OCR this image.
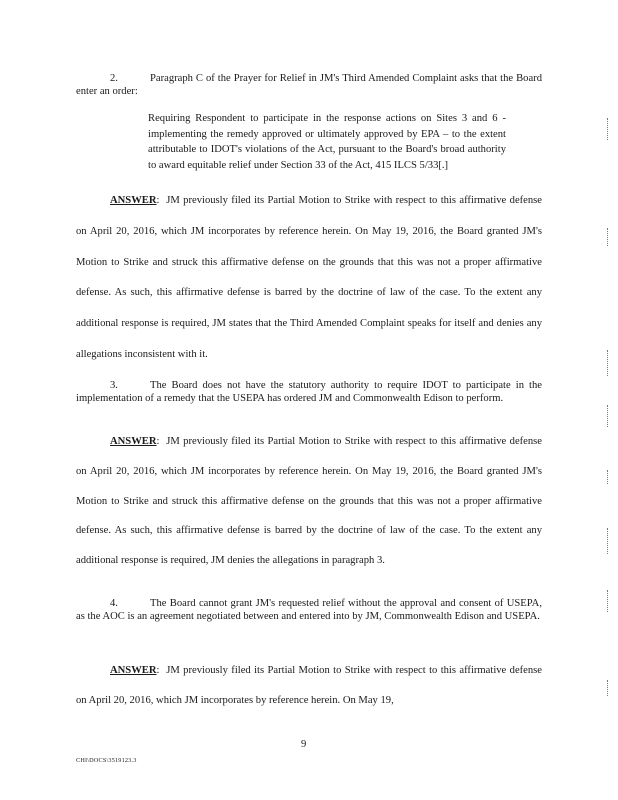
2.	Paragraph C of the Prayer for Relief in JM's Third Amended Complaint asks that the Board enter an order:
Requiring Respondent to participate in the response actions on Sites 3 and 6 - implementing the remedy approved or ultimately approved by EPA – to the extent attributable to IDOT's violations of the Act, pursuant to the Board's broad authority to award equitable relief under Section 33 of the Act, 415 ILCS 5/33[.]
ANSWER:  JM previously filed its Partial Motion to Strike with respect to this affirmative defense on April 20, 2016, which JM incorporates by reference herein. On May 19, 2016, the Board granted JM's Motion to Strike and struck this affirmative defense on the grounds that this was not a proper affirmative defense. As such, this affirmative defense is barred by the doctrine of law of the case. To the extent any additional response is required, JM states that the Third Amended Complaint speaks for itself and denies any allegations inconsistent with it.
3.	The Board does not have the statutory authority to require IDOT to participate in the implementation of a remedy that the USEPA has ordered JM and Commonwealth Edison to perform.
ANSWER:  JM previously filed its Partial Motion to Strike with respect to this affirmative defense on April 20, 2016, which JM incorporates by reference herein. On May 19, 2016, the Board granted JM's Motion to Strike and struck this affirmative defense on the grounds that this was not a proper affirmative defense. As such, this affirmative defense is barred by the doctrine of law of the case. To the extent any additional response is required, JM denies the allegations in paragraph 3.
4.	The Board cannot grant JM's requested relief without the approval and consent of USEPA, as the AOC is an agreement negotiated between and entered into by JM, Commonwealth Edison and USEPA.
ANSWER:  JM previously filed its Partial Motion to Strike with respect to this affirmative defense on April 20, 2016, which JM incorporates by reference herein. On May 19,
9
CHI\DOCS\3519123.3
